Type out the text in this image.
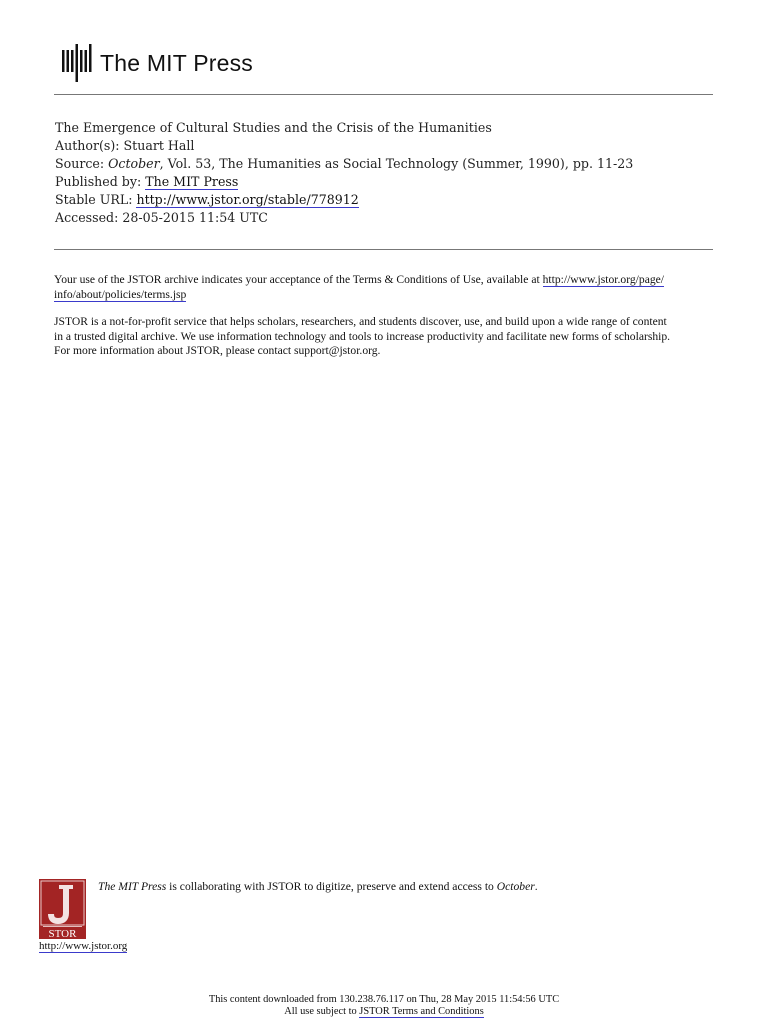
The MIT Press
The Emergence of Cultural Studies and the Crisis of the Humanities
Author(s): Stuart Hall
Source: October, Vol. 53, The Humanities as Social Technology (Summer, 1990), pp. 11-23
Published by: The MIT Press
Stable URL: http://www.jstor.org/stable/778912
Accessed: 28-05-2015 11:54 UTC
Your use of the JSTOR archive indicates your acceptance of the Terms & Conditions of Use, available at http://www.jstor.org/page/
info/about/policies/terms.jsp
JSTOR is a not-for-profit service that helps scholars, researchers, and students discover, use, and build upon a wide range of content
in a trusted digital archive. We use information technology and tools to increase productivity and facilitate new forms of scholarship.
For more information about JSTOR, please contact support@jstor.org.
STOR
The MIT Press is collaborating with JSTOR to digitize, preserve and extend access to October.
http://www.jstor.org
This content downloaded from 130.238.76.117 on Thu, 28 May 2015 11:54:56 UTC
All use subject to JSTOR Terms and Conditions
